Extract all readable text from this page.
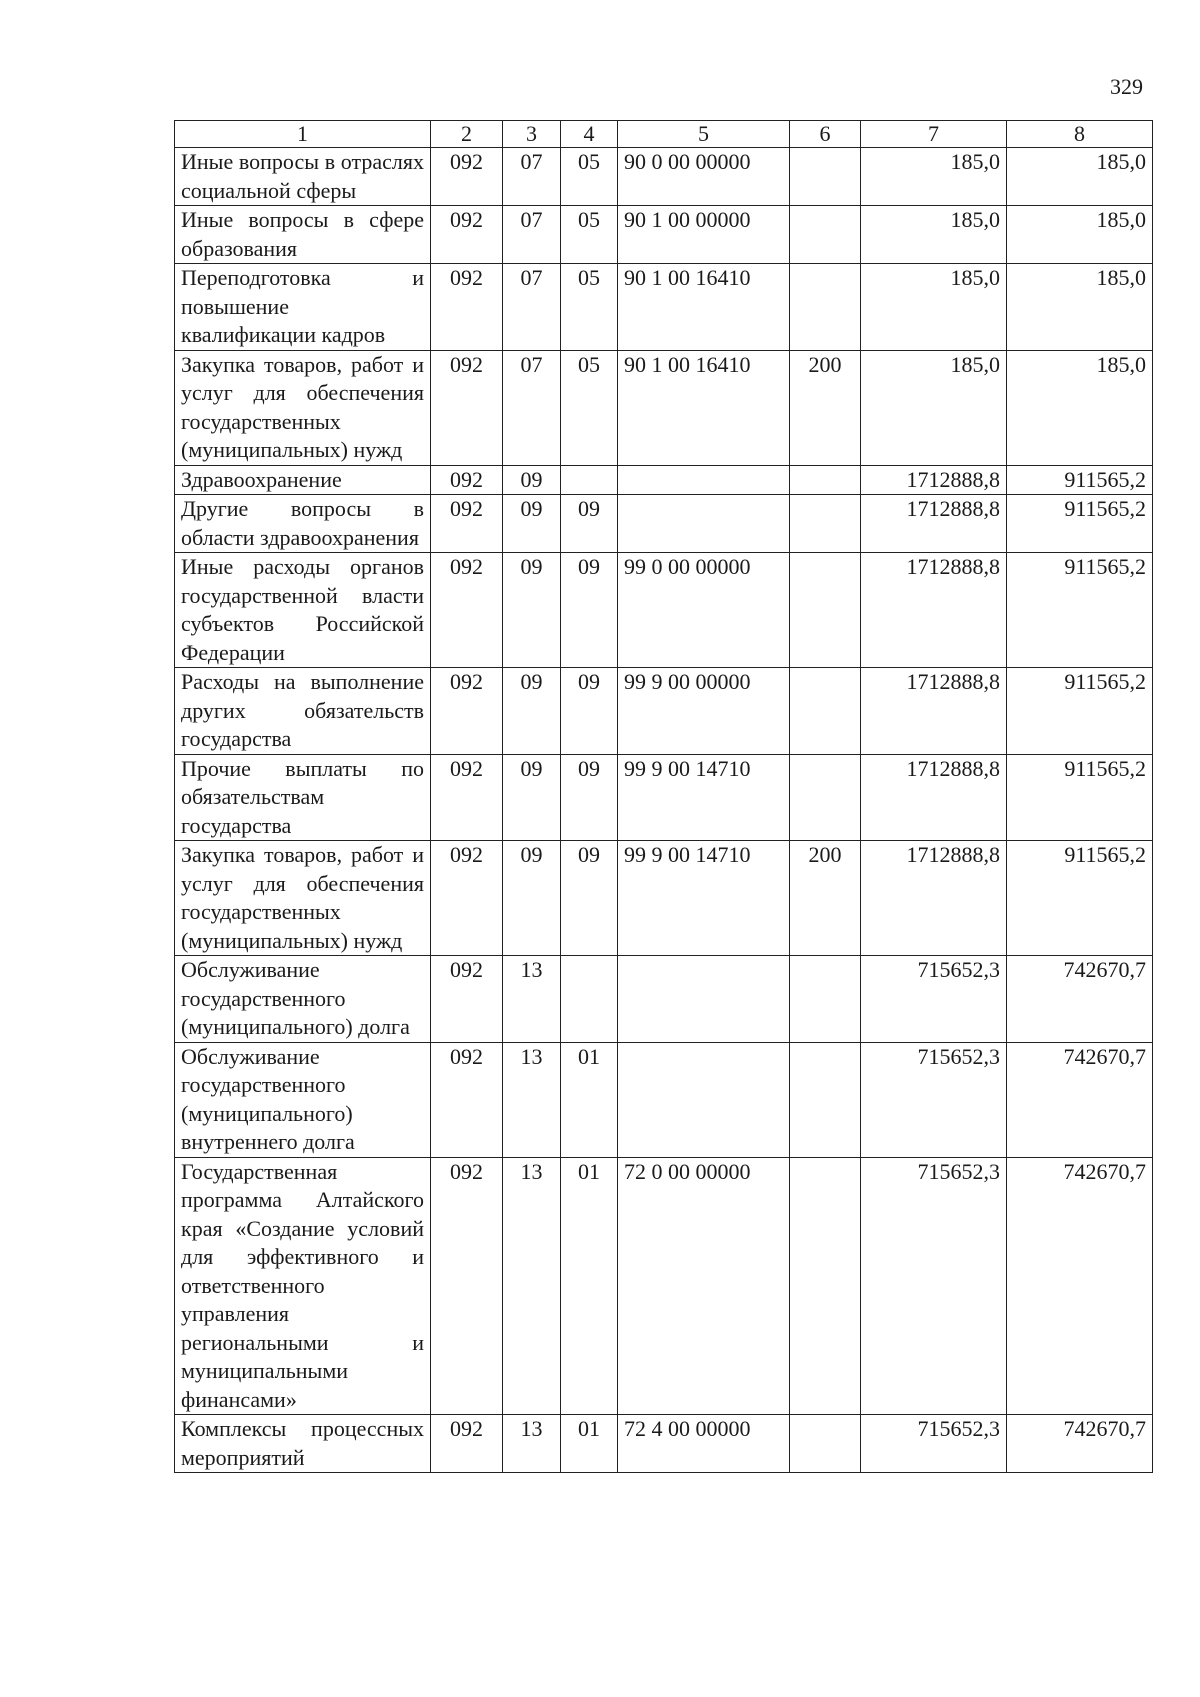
329
1	2	3	4	5	6	7	8
Иные вопросы в отраслях социальной сферы	092	07	05	90 0 00 00000		185,0	185,0
Иные вопросы в сфере образования	092	07	05	90 1 00 00000		185,0	185,0
Переподготовка и повышение квалификации кадров	092	07	05	90 1 00 16410		185,0	185,0
Закупка товаров, работ и услуг для обеспечения государственных (муниципальных) нужд	092	07	05	90 1 00 16410	200	185,0	185,0
Здравоохранение	092	09				1712888,8	911565,2
Другие вопросы в области здравоохранения	092	09	09			1712888,8	911565,2
Иные расходы органов государственной власти субъектов Российской Федерации	092	09	09	99 0 00 00000		1712888,8	911565,2
Расходы на выполнение других обязательств государства	092	09	09	99 9 00 00000		1712888,8	911565,2
Прочие выплаты по обязательствам государства	092	09	09	99 9 00 14710		1712888,8	911565,2
Закупка товаров, работ и услуг для обеспечения государственных (муниципальных) нужд	092	09	09	99 9 00 14710	200	1712888,8	911565,2
Обслуживание государственного (муниципального) долга	092	13				715652,3	742670,7
Обслуживание государственного (муниципального) внутреннего долга	092	13	01			715652,3	742670,7
Государственная программа Алтайского края «Создание условий для эффективного и ответственного управления региональными и муниципальными финансами»	092	13	01	72 0 00 00000		715652,3	742670,7
Комплексы процессных мероприятий	092	13	01	72 4 00 00000		715652,3	742670,7
